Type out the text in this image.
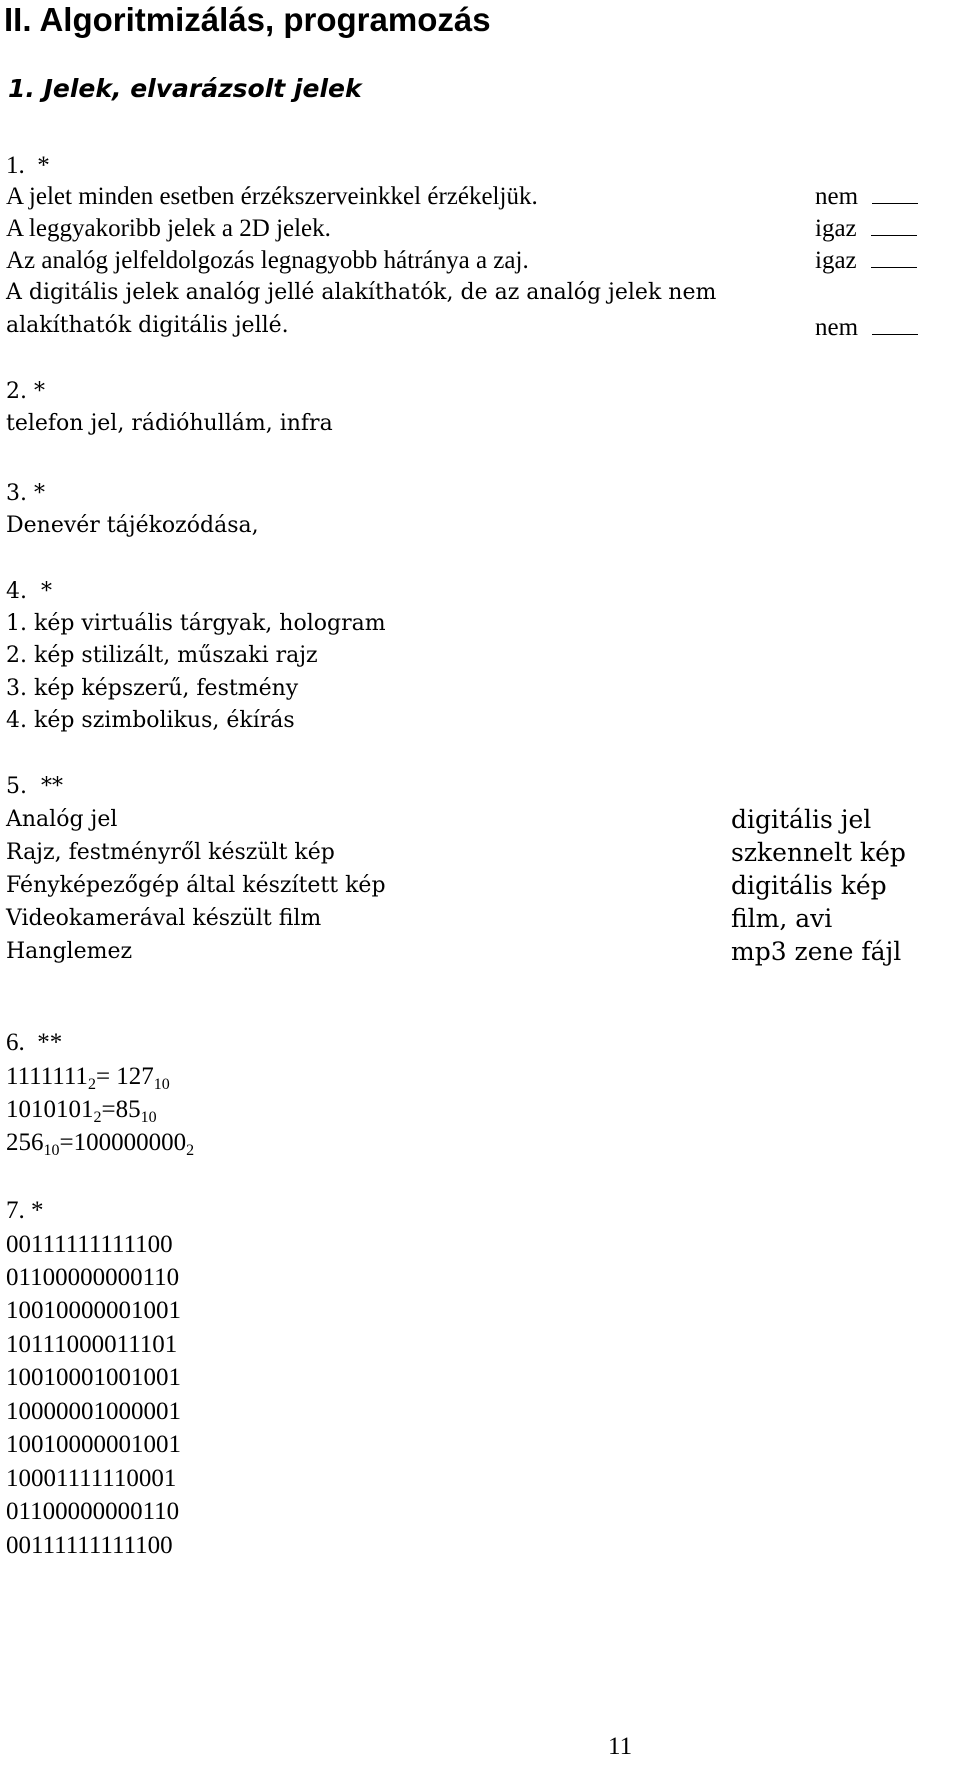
II. Algoritmizálás, programozás
1. Jelek, elvarázsolt jelek
1. *
A jelet minden esetben érzékszerveinkkel érzékeljük.	nem
A leggyakoribb jelek a 2D jelek.	igaz
Az analóg jelfeldolgozás legnagyobb hátránya a zaj.	igaz
A digitális jelek analóg jellé alakíthatók, de az analóg jelek nem
alakíthatók digitális jellé.	nem
2. *
telefon jel, rádióhullám, infra
3. *
Denevér tájékozódása,
4. *
1. kép virtuális tárgyak, hologram
2. kép stilizált, műszaki rajz
3. kép képszerű, festmény
4. kép szimbolikus, ékírás
5. **
Analóg jel	digitális jel
Rajz, festményről készült kép	szkennelt kép
Fényképezőgép által készített kép	digitális kép
Videokamerával készült film	film, avi
Hanglemez	mp3 zene fájl
6. **
$1111111_2= 127_{10}$
$1010101_2=85_{10}$
$256_{10}=100000000_2$
7. *
00111111111100
01100000000110
10010000001001
10111000011101
10010001001001
10000001000001
10010000001001
10001111110001
01100000000110
00111111111100
11
